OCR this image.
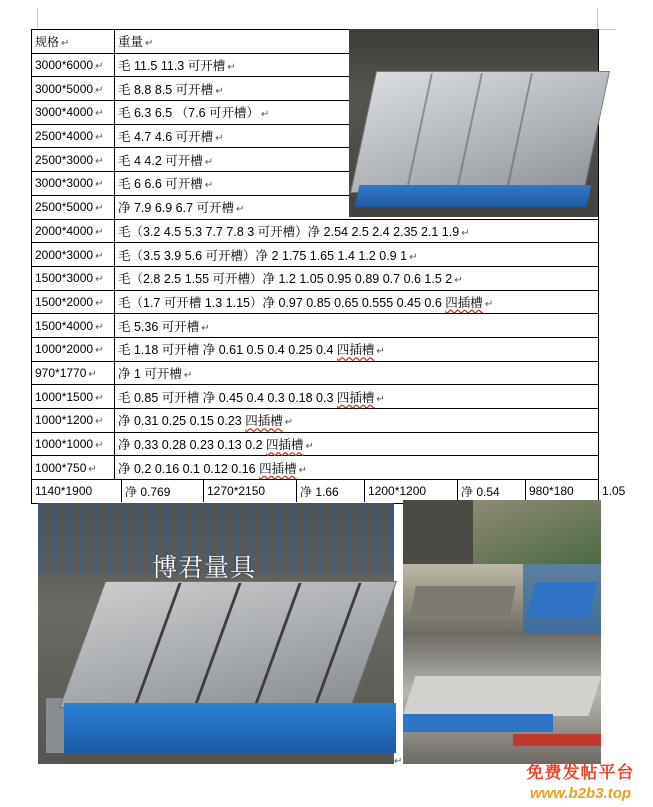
规格 ↵	重量 ↵
3000*6000 ↵	毛 11.5 11.3 可开槽 ↵
3000*5000 ↵	毛 8.8 8.5 可开槽 ↵
3000*4000 ↵	毛 6.3 6.5 （7.6 可开槽） ↵
2500*4000 ↵	毛 4.7 4.6 可开槽 ↵
2500*3000 ↵	毛 4 4.2 可开槽 ↵
3000*3000 ↵	毛 6 6.6 可开槽 ↵
2500*5000 ↵	净 7.9 6.9 6.7 可开槽 ↵
2000*4000 ↵	毛（3.2 4.5 5.3 7.7 7.8 3 可开槽）净 2.54 2.5 2.4 2.35 2.1 1.9 ↵
2000*3000 ↵	毛（3.5 3.9 5.6 可开槽）净 2 1.75 1.65 1.4 1.2 0.9 1 ↵
1500*3000 ↵	毛（2.8 2.5 1.55 可开槽）净 1.2 1.05 0.95 0.89 0.7 0.6 1.5 2 ↵
1500*2000 ↵	毛（1.7 可开槽 1.3 1.15）净 0.97 0.85 0.65 0.555 0.45 0.6 四插槽 ↵
1500*4000 ↵	毛 5.36 可开槽 ↵
1000*2000 ↵	毛 1.18 可开槽 净 0.61 0.5 0.4 0.25 0.4 四插槽 ↵
970*1770 ↵	净 1 可开槽 ↵
1000*1500 ↵	毛 0.85 可开槽 净 0.45 0.4 0.3 0.18 0.3 四插槽 ↵
1000*1200 ↵	净 0.31 0.25 0.15 0.23 四插槽 ↵
1000*1000 ↵	净 0.33 0.28 0.23 0.13 0.2 四插槽 ↵
1000*750 ↵	净 0.2 0.16 0.1 0.12 0.16 四插槽 ↵

1140*1900	净 0.769	1270*2150	净 1.66	1200*1200	净 0.54	980*180	1.05
博君量具
↵
免费发帖平台
www.b2b3.top
